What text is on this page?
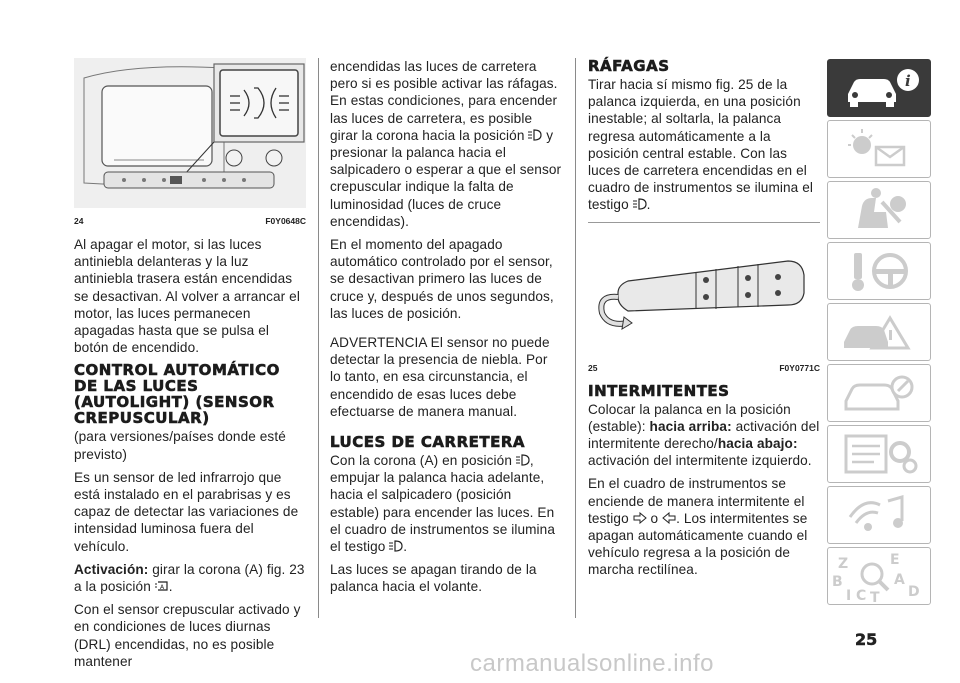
24	F0Y0648C

Al apagar el motor, si las luces antiniebla delanteras y la luz antiniebla trasera están encendidas se desactivan. Al volver a arrancar el motor, las luces permanecen apagadas hasta que se pulsa el botón de encendido.

CONTROL AUTOMÁTICO DE LAS LUCES (AUTOLIGHT) (SENSOR CREPUSCULAR)

(para versiones/países donde esté previsto)

Es un sensor de led infrarrojo que está instalado en el parabrisas y es capaz de detectar las variaciones de intensidad luminosa fuera del vehículo.

Activación: girar la corona (A) fig. 23 a la posición A .

Con el sensor crepuscular activado y en condiciones de luces diurnas (DRL) encendidas, no es posible mantener

encendidas las luces de carretera pero si es posible activar las ráfagas. En estas condiciones, para encender las luces de carretera, es posible girar la corona hacia la posición  y presionar la palanca hacia el salpicadero o esperar a que el sensor crepuscular indique la falta de luminosidad (luces de cruce encendidas).

En el momento del apagado automático controlado por el sensor, se desactivan primero las luces de cruce y, después de unos segundos, las luces de posición.

ADVERTENCIA El sensor no puede detectar la presencia de niebla. Por lo tanto, en esa circunstancia, el encendido de esas luces debe efectuarse de manera manual.

LUCES DE CARRETERA

Con la corona (A) en posición , empujar la palanca hacia adelante, hacia el salpicadero (posición estable) para encender las luces. En el cuadro de instrumentos se ilumina el testigo .

Las luces se apagan tirando de la palanca hacia el volante.

RÁFAGAS

Tirar hacia sí mismo fig. 25 de la palanca izquierda, en una posición inestable; al soltarla, la palanca regresa automáticamente a la posición central estable. Con las luces de carretera encendidas en el cuadro de instrumentos se ilumina el testigo .

25	F0Y0771C
INTERMITENTES

Colocar la palanca en la posición (estable): hacia arriba: activación del intermitente derecho/hacia abajo: activación del intermitente izquierdo.

En el cuadro de instrumentos se enciende de manera intermitente el testigo  o . Los intermitentes se apagan automáticamente cuando el vehículo regresa a la posición de marcha rectilínea.

i
Z	E
B	A
I C T D
25
carmanualsonline.info
